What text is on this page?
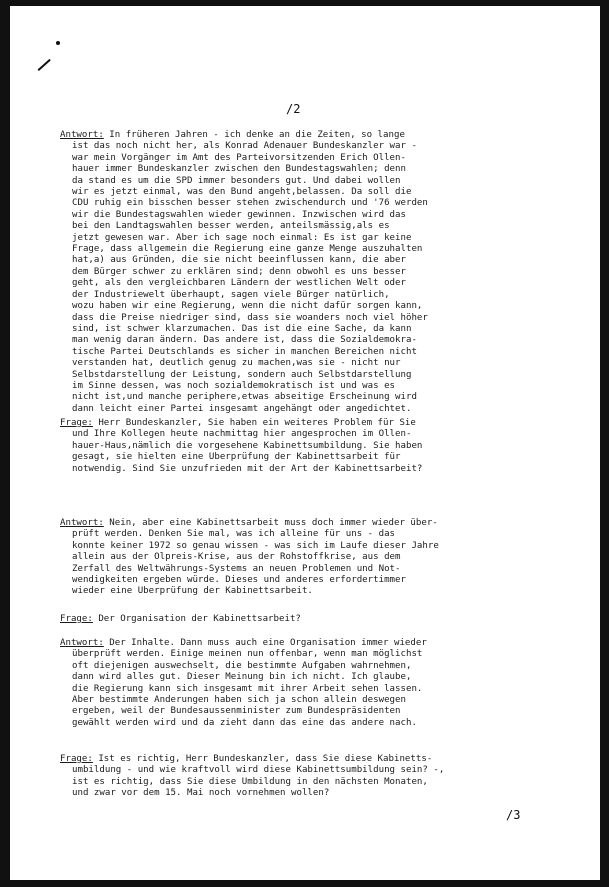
/2
Antwort: In früheren Jahren - ich denke an die Zeiten, so lange
ist das noch nicht her, als Konrad Adenauer Bundeskanzler war -
war mein Vorgänger im Amt des Parteivorsitzenden Erich Ollen-
hauer immer Bundeskanzler zwischen den Bundestagswahlen; denn
da stand es um die SPD immer besonders gut. Und dabei wollen
wir es jetzt einmal, was den Bund angeht,belassen. Da soll die
CDU ruhig ein bisschen besser stehen zwischendurch und '76 werden
wir die Bundestagswahlen wieder gewinnen. Inzwischen wird das
bei den Landtagswahlen besser werden, anteilsmässig,als es
jetzt gewesen war. Aber ich sage noch einmal: Es ist gar keine
Frage, dass allgemein die Regierung eine ganze Menge auszuhalten
hat,a) aus Gründen, die sie nicht beeinflussen kann, die aber
dem Bürger schwer zu erklären sind; denn obwohl es uns besser
geht, als den vergleichbaren Ländern der westlichen Welt oder
der Industriewelt überhaupt, sagen viele Bürger natürlich,
wozu haben wir eine Regierung, wenn die nicht dafür sorgen kann,
dass die Preise niedriger sind, dass sie woanders noch viel höher
sind, ist schwer klarzumachen. Das ist die eine Sache, da kann
man wenig daran ändern. Das andere ist, dass die Sozialdemokra-
tische Partei Deutschlands es sicher in manchen Bereichen nicht
verstanden hat, deutlich genug zu machen,was sie - nicht nur
Selbstdarstellung der Leistung, sondern auch Selbstdarstellung
im Sinne dessen, was noch sozialdemokratisch ist und was es
nicht ist,und manche periphere,etwas abseitige Erscheinung wird
dann leicht einer Partei insgesamt angehängt oder angedichtet.
Frage: Herr Bundeskanzler, Sie haben ein weiteres Problem für Sie
und Ihre Kollegen heute nachmittag hier angesprochen im Ollen-
hauer-Haus,nämlich die vorgesehene Kabinettsumbildung. Sie haben
gesagt, sie hielten eine Überprüfung der Kabinettsarbeit für
notwendig. Sind Sie unzufrieden mit der Art der Kabinettsarbeit?
Antwort: Nein, aber eine Kabinettsarbeit muss doch immer wieder über-
prüft werden. Denken Sie mal, was ich alleine für uns - das
konnte keiner 1972 so genau wissen - was sich im Laufe dieser Jahre
allein aus der Ölpreis-Krise, aus der Rohstoffkrise, aus dem
Zerfall des Weltwährungs-Systems an neuen Problemen und Not-
wendigkeiten ergeben würde. Dieses und anderes erfordertimmer
wieder eine Überprüfung der Kabinettsarbeit.
Frage: Der Organisation der Kabinettsarbeit?
Antwort: Der Inhalte. Dann muss auch eine Organisation immer wieder
überprüft werden. Einige meinen nun offenbar, wenn man möglichst
oft diejenigen auswechselt, die bestimmte Aufgaben wahrnehmen,
dann wird alles gut. Dieser Meinung bin ich nicht. Ich glaube,
die Regierung kann sich insgesamt mit ihrer Arbeit sehen lassen.
Aber bestimmte Änderungen haben sich ja schon allein deswegen
ergeben, weil der Bundesaussenminister zum Bundespräsidenten
gewählt werden wird und da zieht dann das eine das andere nach.
Frage: Ist es richtig, Herr Bundeskanzler, dass Sie diese Kabinetts-
umbildung - und wie kraftvoll wird diese Kabinettsumbildung sein? -,
ist es richtig, dass Sie diese Umbildung in den nächsten Monaten,
und zwar vor dem 15. Mai noch vornehmen wollen?
/3
